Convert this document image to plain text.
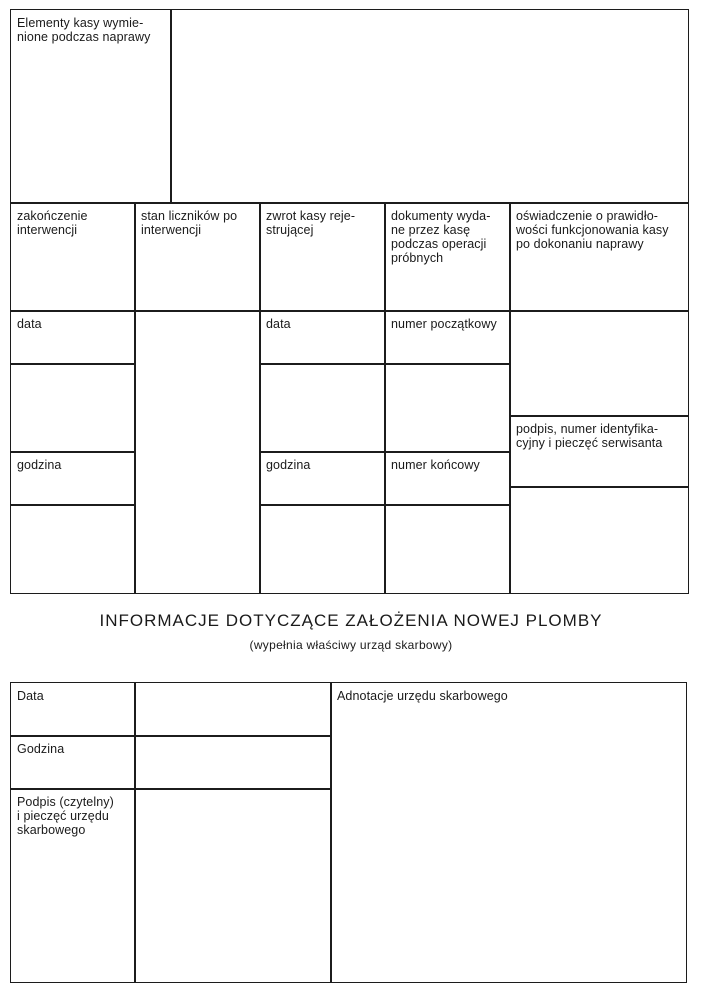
Elementy kasy wymie-
nione podczas naprawy
zakończenie
interwencji
stan liczników po
interwencji
zwrot kasy reje-
strującej
dokumenty wyda-
ne przez kasę
podczas operacji
próbnych
oświadczenie o prawidło-
wości funkcjonowania kasy
po dokonaniu naprawy
data
godzina
data
godzina
numer początkowy
numer końcowy
podpis, numer identyfika-
cyjny i pieczęć serwisanta
INFORMACJE DOTYCZĄCE ZAŁOŻENIA NOWEJ PLOMBY
(wypełnia właściwy urząd skarbowy)
Data
Godzina
Podpis (czytelny)
i pieczęć urzędu
skarbowego
Adnotacje urzędu skarbowego
